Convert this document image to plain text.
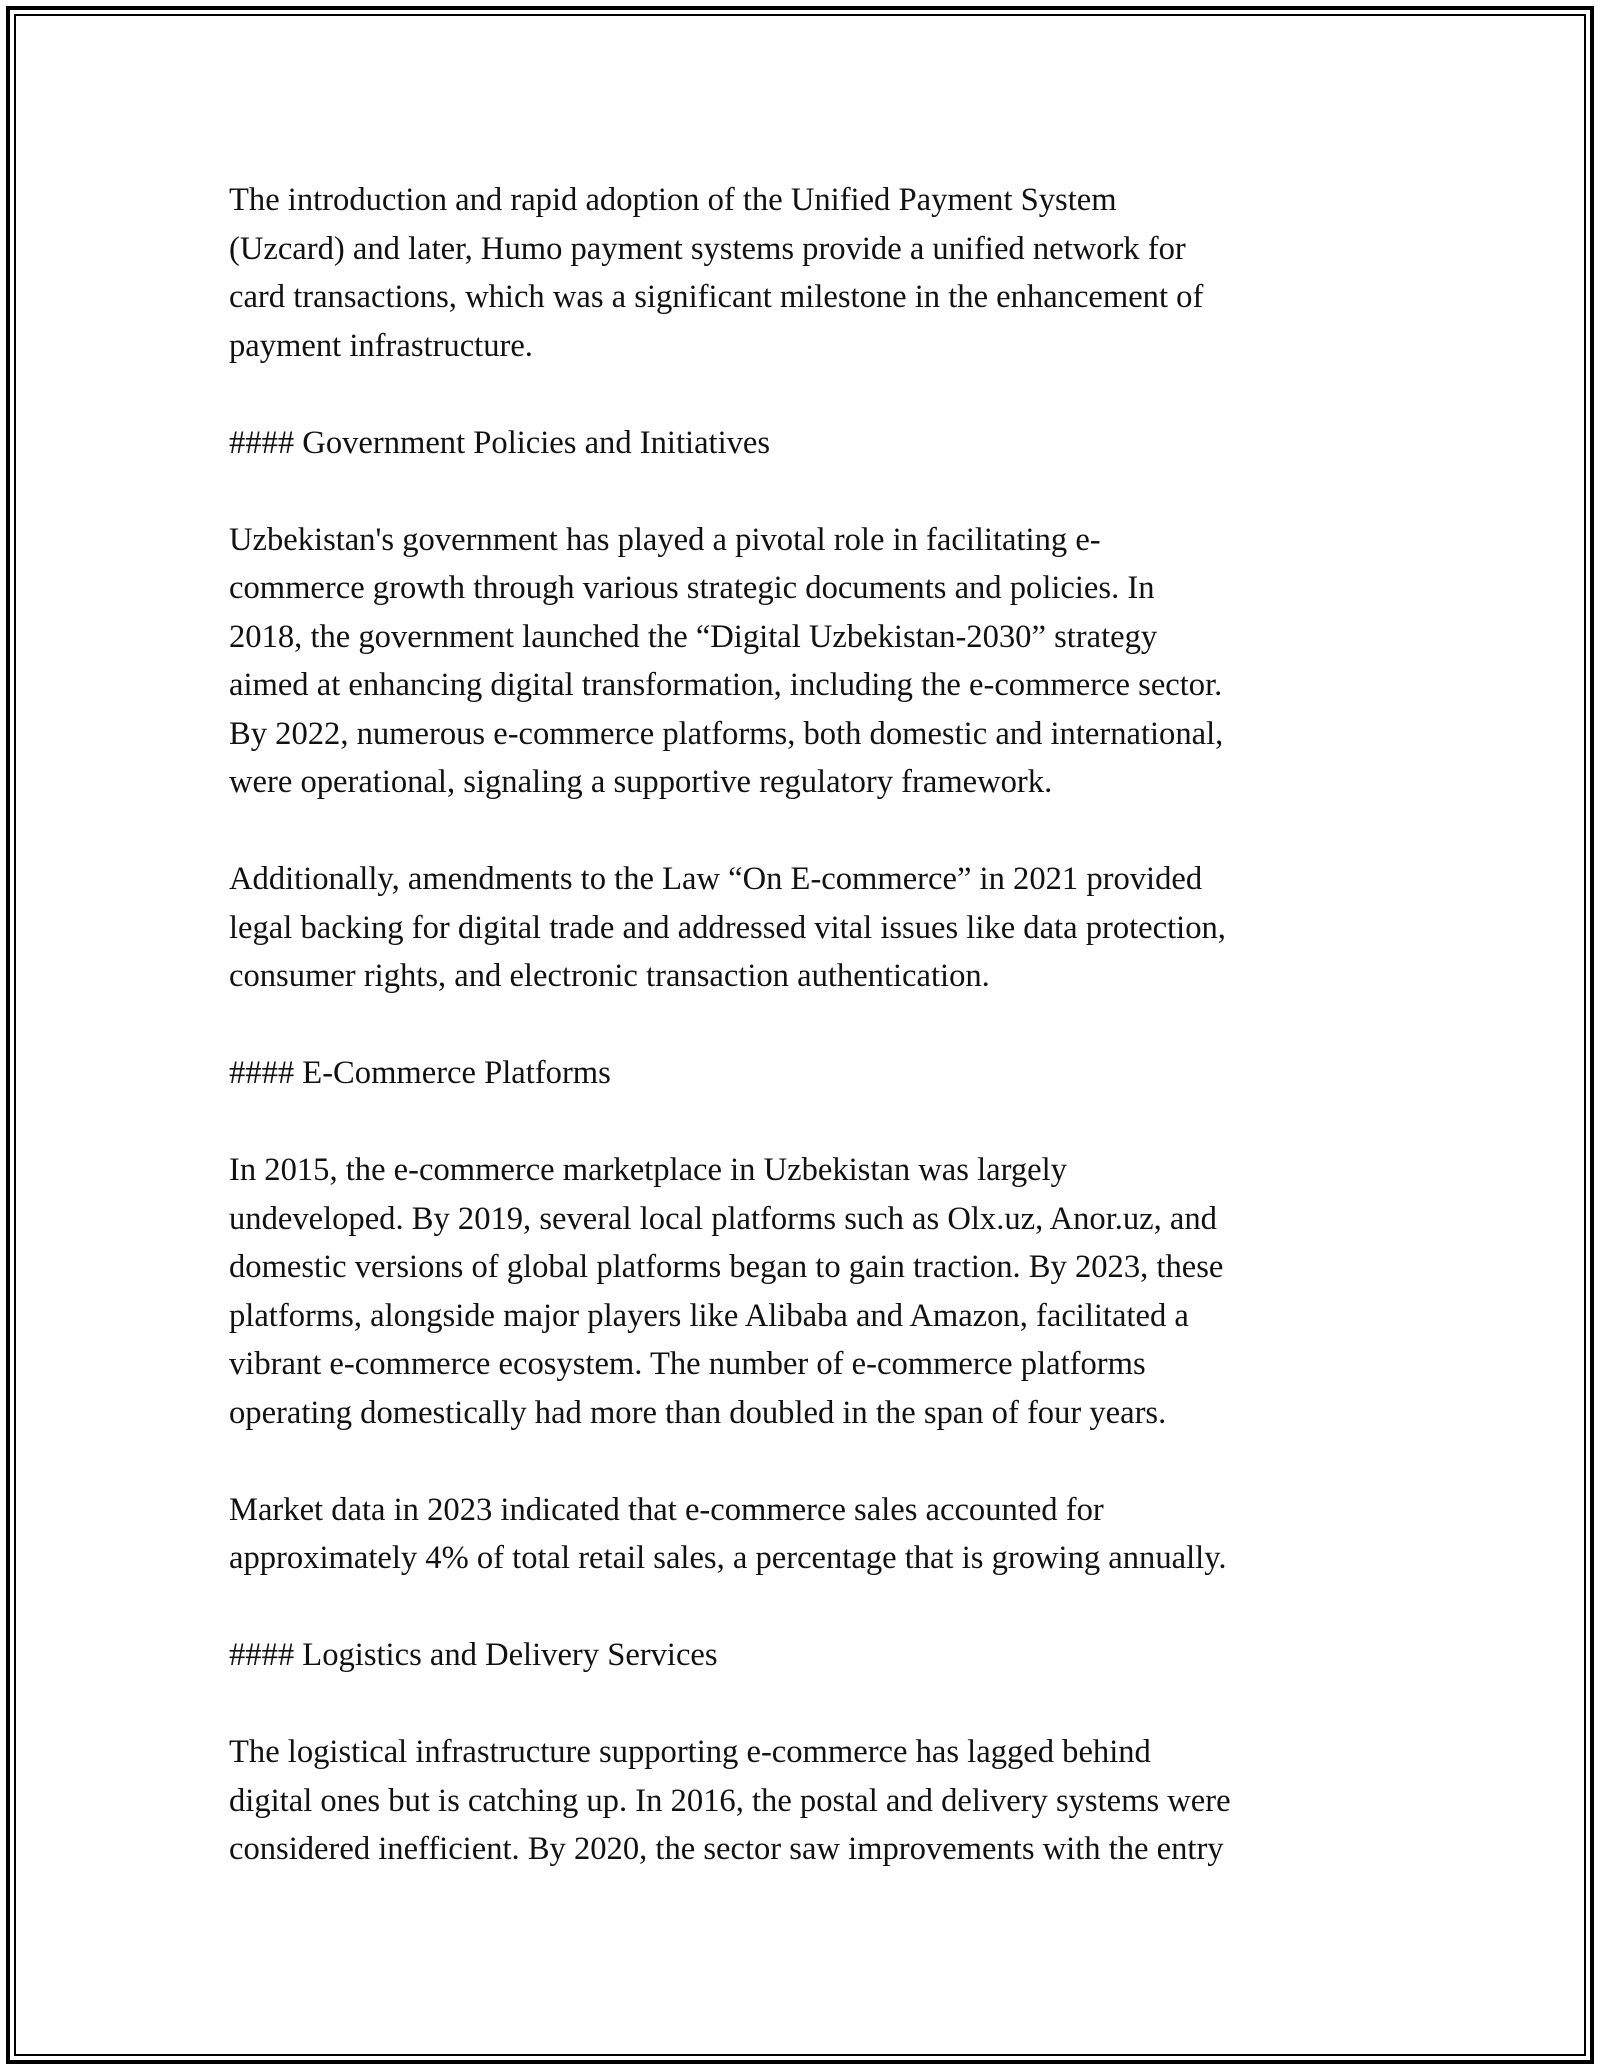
The introduction and rapid adoption of the Unified Payment System
(Uzcard) and later, Humo payment systems provide a unified network for
card transactions, which was a significant milestone in the enhancement of
payment infrastructure.

#### Government Policies and Initiatives

Uzbekistan's government has played a pivotal role in facilitating e-
commerce growth through various strategic documents and policies. In
2018, the government launched the “Digital Uzbekistan-2030” strategy
aimed at enhancing digital transformation, including the e-commerce sector.
By 2022, numerous e-commerce platforms, both domestic and international,
were operational, signaling a supportive regulatory framework.

Additionally, amendments to the Law “On E-commerce” in 2021 provided
legal backing for digital trade and addressed vital issues like data protection,
consumer rights, and electronic transaction authentication.

#### E-Commerce Platforms

In 2015, the e-commerce marketplace in Uzbekistan was largely
undeveloped. By 2019, several local platforms such as Olx.uz, Anor.uz, and
domestic versions of global platforms began to gain traction. By 2023, these
platforms, alongside major players like Alibaba and Amazon, facilitated a
vibrant e-commerce ecosystem. The number of e-commerce platforms
operating domestically had more than doubled in the span of four years.

Market data in 2023 indicated that e-commerce sales accounted for
approximately 4% of total retail sales, a percentage that is growing annually.

#### Logistics and Delivery Services

The logistical infrastructure supporting e-commerce has lagged behind
digital ones but is catching up. In 2016, the postal and delivery systems were
considered inefficient. By 2020, the sector saw improvements with the entry
